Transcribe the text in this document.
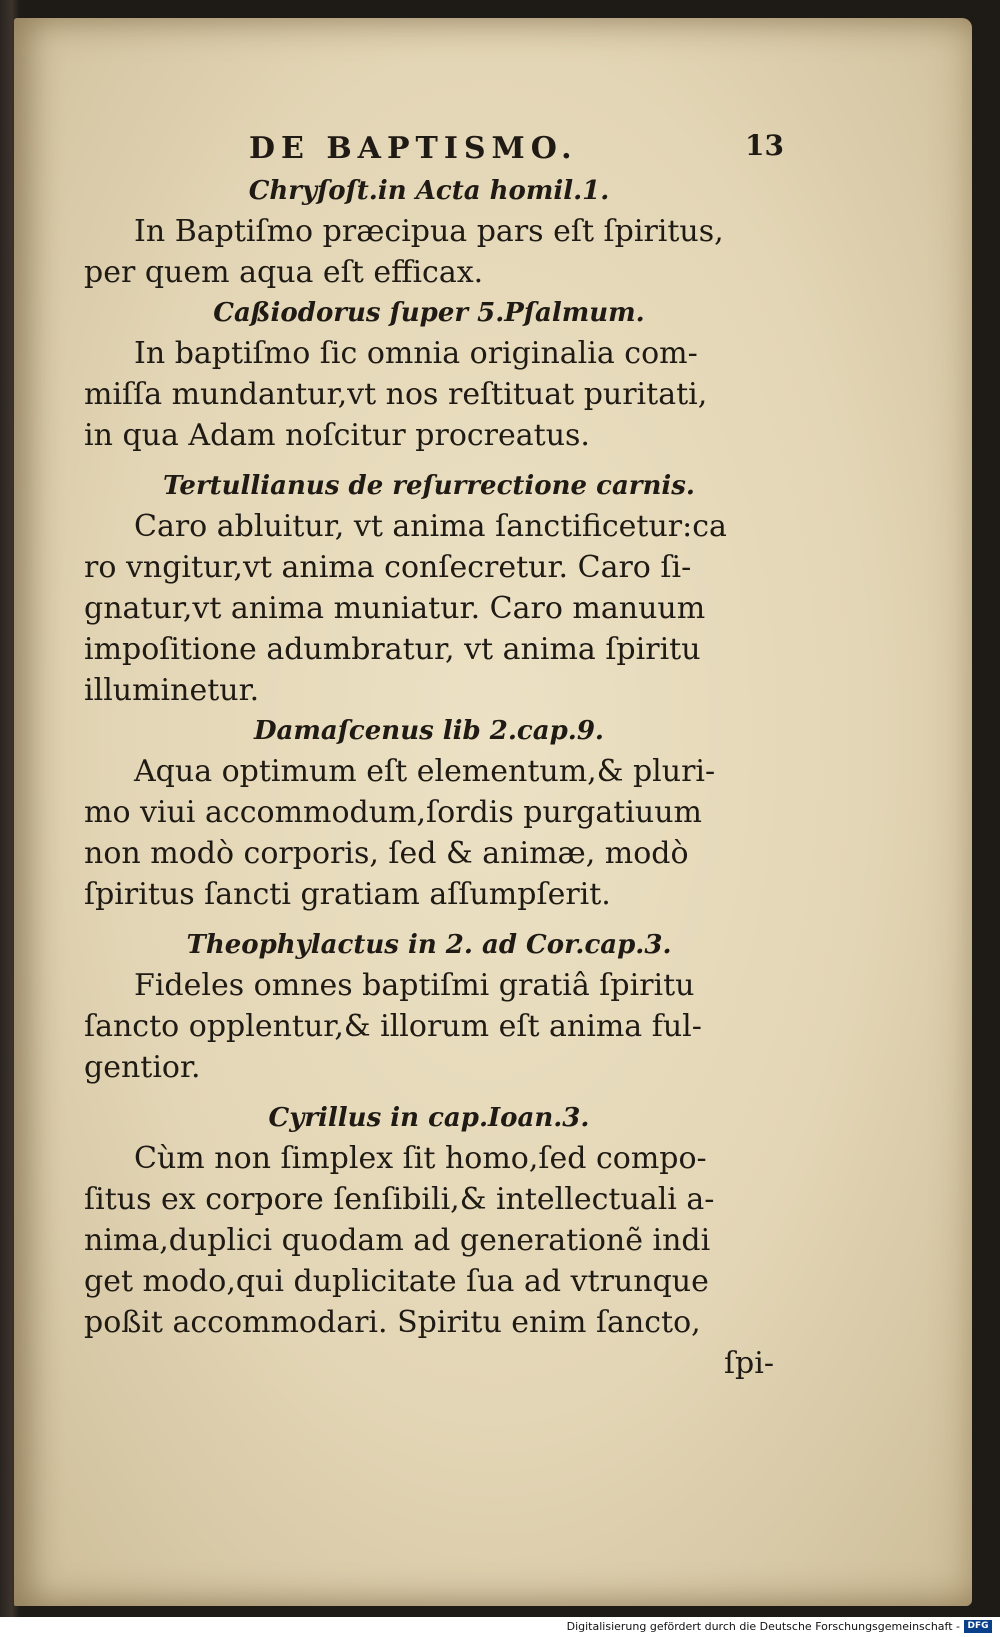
DE BAPTISMO.	13
Chryſoſt.in Acta homil.1.
In Baptiſmo præcipua pars eſt ſpiritus,
per quem aqua eſt efficax.
Caßiodorus ſuper 5.Pſalmum.
In baptiſmo ſic omnia originalia com-
miſſa mundantur,vt nos reſtituat puritati,
in qua Adam noſcitur procreatus.
Tertullianus de reſurrectione carnis.
Caro abluitur, vt anima ſanctificetur:ca
ro vngitur,vt anima conſecretur. Caro ſi-
gnatur,vt anima muniatur. Caro manuum
impoſitione adumbratur, vt anima ſpiritu
illuminetur.
Damaſcenus lib 2.cap.9.
Aqua optimum eſt elementum,& pluri-
mo viui accommodum,ſordis purgatiuum
non modò corporis, ſed & animæ, modò
ſpiritus ſancti gratiam aſſumpſerit.
Theophylactus in 2. ad Cor.cap.3.
Fideles omnes baptiſmi gratiâ ſpiritu
ſancto opplentur,& illorum eſt anima ful-
gentior.
Cyrillus in cap.Ioan.3.
Cùm non ſimplex ſit homo,ſed compo-
ſitus ex corpore ſenſibili,& intellectuali a-
nima,duplici quodam ad generationẽ indi
get modo,qui duplicitate ſua ad vtrunque
poßit accommodari. Spiritu enim ſancto,
ſpi-
Digitalisierung gefördert durch die Deutsche Forschungsgemeinschaft - DFG
